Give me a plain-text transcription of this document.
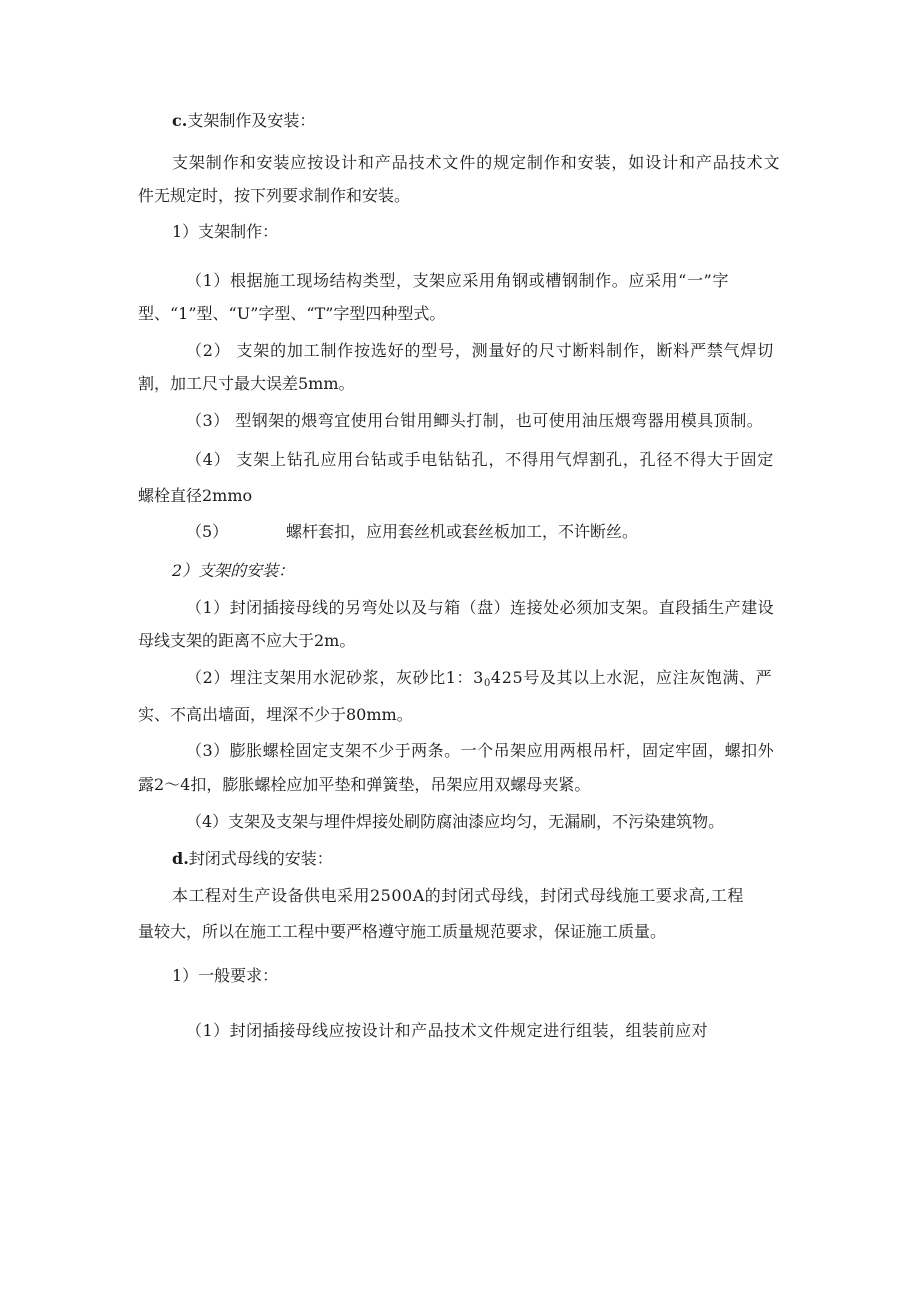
c.支架制作及安装：
支架制作和安装应按设计和产品技术文件的规定制作和安装，如设计和产品技术文
件无规定时，按下列要求制作和安装。
1）支架制作：
（1）根据施工现场结构类型，支架应采用角钢或槽钢制作。应采用“一”字
型、“1”型、“U”字型、“T”字型四种型式。
（2） 支架的加工制作按选好的型号，测量好的尺寸断料制作，断料严禁气焊切
割，加工尺寸最大误差5mm。
（3） 型钢架的煨弯宜使用台钳用鲫头打制，也可使用油压煨弯器用模具顶制。
（4） 支架上钻孔应用台钻或手电钻钻孔，不得用气焊割孔，孔径不得大于固定
螺栓直径2mmo
（5）	螺杆套扣，应用套丝机或套丝板加工，不许断丝。
2）支架的安装：
（1）封闭插接母线的另弯处以及与箱（盘）连接处必须加支架。直段插生产建设
母线支架的距离不应大于2m。
（2）埋注支架用水泥砂浆，灰砂比1：$3_0425$号及其以上水泥，应注灰饱满、严
实、不高出墙面，埋深不少于80mm。
（3）膨胀螺栓固定支架不少于两条。一个吊架应用两根吊杆，固定牢固，螺扣外
露2～4扣，膨胀螺栓应加平垫和弹簧垫，吊架应用双螺母夹紧。
（4）支架及支架与埋件焊接处刷防腐油漆应均匀，无漏刷，不污染建筑物。
d.封闭式母线的安装：
本工程对生产设备供电采用2500A的封闭式母线，封闭式母线施工要求高,工程
量较大，所以在施工工程中要严格遵守施工质量规范要求，保证施工质量。
1）一般要求：
（1）封闭插接母线应按设计和产品技术文件规定进行组装，组装前应对
